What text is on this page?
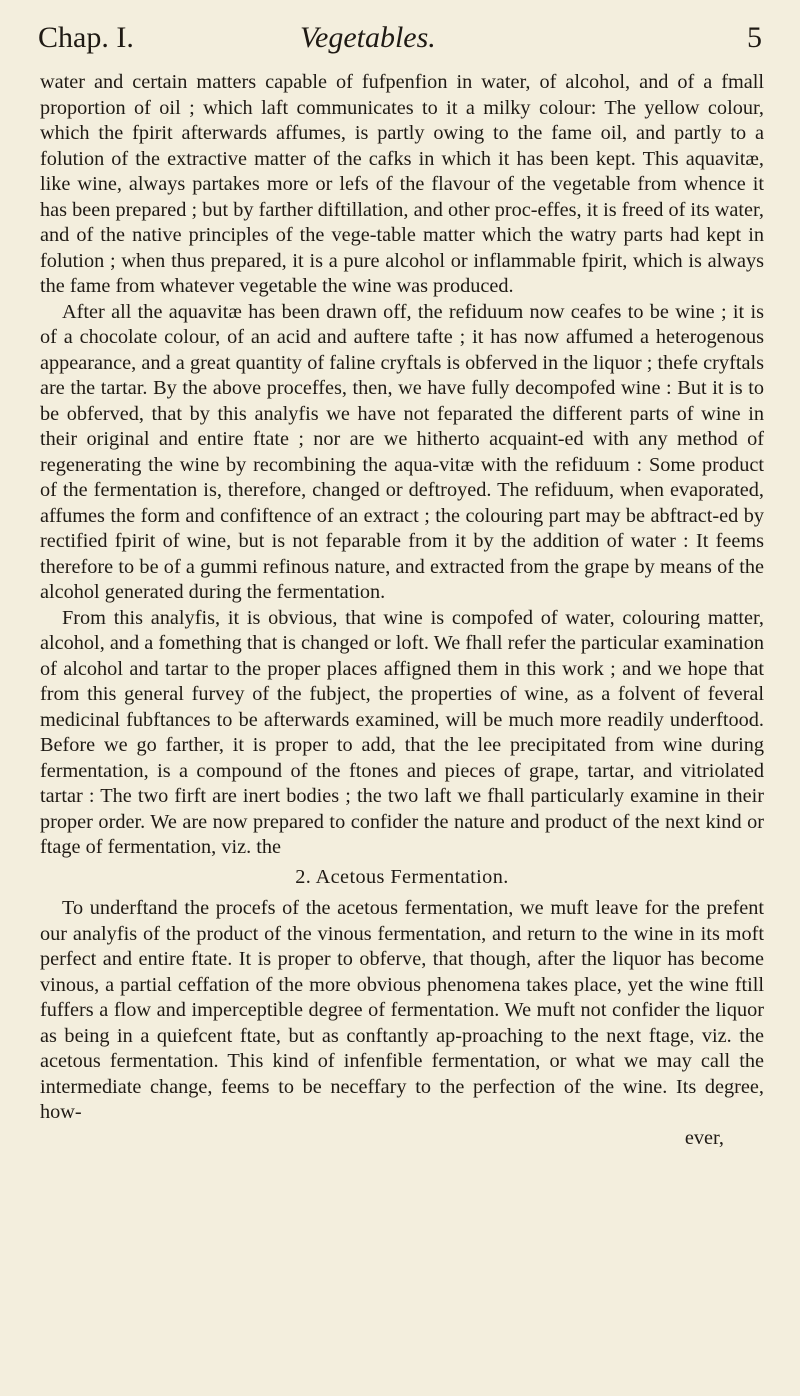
Chap. I.	Vegetables.	5

water and certain matters capable of fufpenfion in water, of alcohol, and of a fmall proportion of oil ; which laft communicates to it a milky colour: The yellow colour, which the fpirit afterwards affumes, is partly owing to the fame oil, and partly to a folution of the extractive matter of the cafks in which it has been kept. This aquavitæ, like wine, always partakes more or lefs of the flavour of the vegetable from whence it has been prepared ; but by farther diftillation, and other proc-effes, it is freed of its water, and of the native principles of the vege-table matter which the watry parts had kept in folution ; when thus prepared, it is a pure alcohol or inflammable fpirit, which is always the fame from whatever vegetable the wine was produced.

After all the aquavitæ has been drawn off, the refiduum now ceafes to be wine ; it is of a chocolate colour, of an acid and auftere tafte ; it has now affumed a heterogenous appearance, and a great quantity of faline cryftals is obferved in the liquor ; thefe cryftals are the tartar. By the above proceffes, then, we have fully decompofed wine : But it is to be obferved, that by this analyfis we have not feparated the different parts of wine in their original and entire ftate ; nor are we hitherto acquaint-ed with any method of regenerating the wine by recombining the aqua-vitæ with the refiduum : Some product of the fermentation is, therefore, changed or deftroyed. The refiduum, when evaporated, affumes the form and confiftence of an extract ; the colouring part may be abftract-ed by rectified fpirit of wine, but is not feparable from it by the addition of water : It feems therefore to be of a gummi refinous nature, and extracted from the grape by means of the alcohol generated during the fermentation.

From this analyfis, it is obvious, that wine is compofed of water, colouring matter, alcohol, and a fomething that is changed or loft. We fhall refer the particular examination of alcohol and tartar to the proper places affigned them in this work ; and we hope that from this general furvey of the fubject, the properties of wine, as a folvent of feveral medicinal fubftances to be afterwards examined, will be much more readily underftood. Before we go farther, it is proper to add, that the lee precipitated from wine during fermentation, is a compound of the ftones and pieces of grape, tartar, and vitriolated tartar : The two firft are inert bodies ; the two laft we fhall particularly examine in their proper order. We are now prepared to confider the nature and product of the next kind or ftage of fermentation, viz. the

2. Acetous Fermentation.

To underftand the procefs of the acetous fermentation, we muft leave for the prefent our analyfis of the product of the vinous fermentation, and return to the wine in its moft perfect and entire ftate. It is proper to obferve, that though, after the liquor has become vinous, a partial ceffation of the more obvious phenomena takes place, yet the wine ftill fuffers a flow and imperceptible degree of fermentation. We muft not confider the liquor as being in a quiefcent ftate, but as conftantly ap-proaching to the next ftage, viz. the acetous fermentation. This kind of infenfible fermentation, or what we may call the intermediate change, feems to be neceffary to the perfection of the wine. Its degree, how-

ever,
